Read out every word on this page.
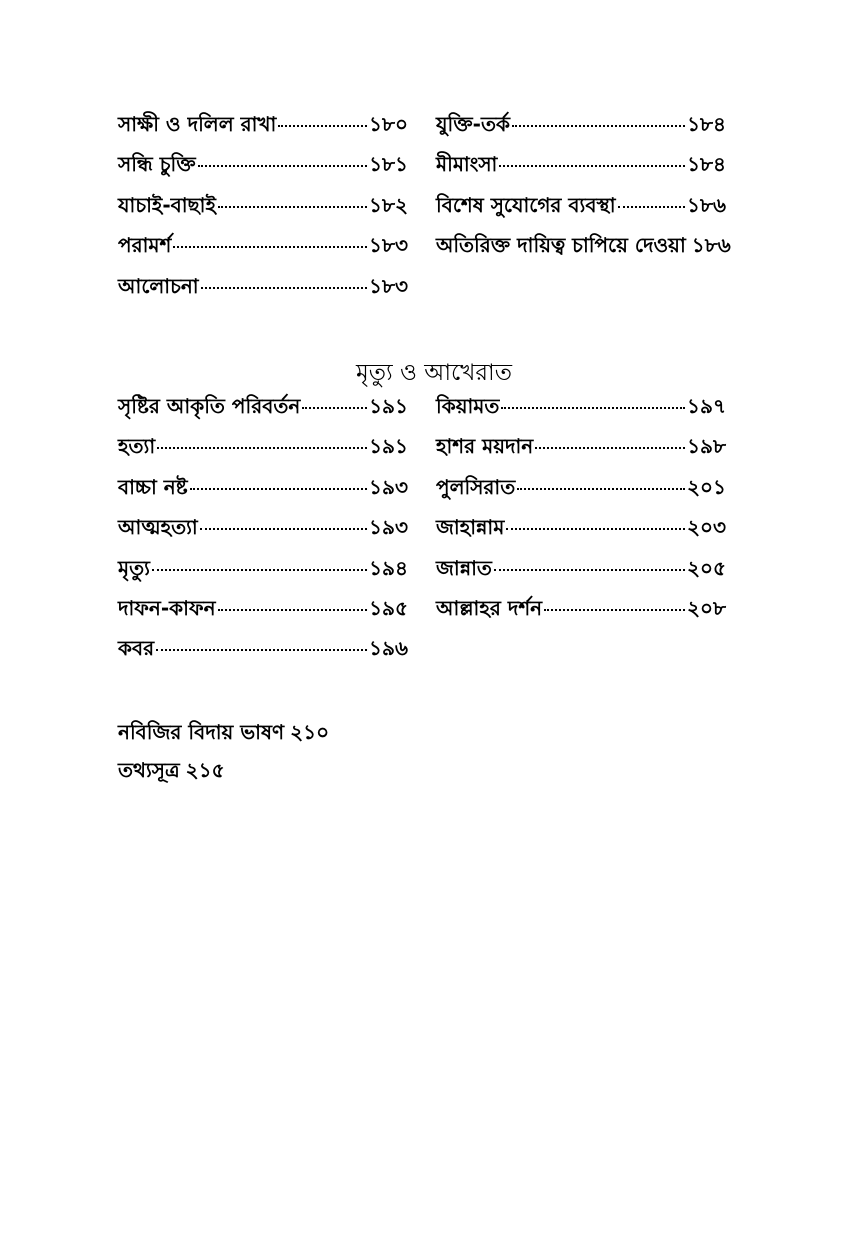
সাক্ষী ও দলিল রাখা	১৮০
সন্ধি চুক্তি	১৮১
যাচাই-বাছাই	১৮২
পরামর্শ	১৮৩
আলোচনা	১৮৩
যুক্তি-তর্ক	১৮৪
মীমাংসা	১৮৪
বিশেষ সুযোগের ব্যবস্থা	১৮৬
অতিরিক্ত দায়িত্ব চাপিয়ে দেওয়া ১৮৬
মৃত্যু ও আখেরাত
সৃষ্টির আকৃতি পরিবর্তন	১৯১
হত্যা	১৯১
বাচ্চা নষ্ট	১৯৩
আত্মহত্যা	১৯৩
মৃত্যু	১৯৪
দাফন-কাফন	১৯৫
কবর	১৯৬
কিয়ামত	১৯৭
হাশর ময়দান	১৯৮
পুলসিরাত	২০১
জাহান্নাম	২০৩
জান্নাত	২০৫
আল্লাহর দর্শন	২০৮
নবিজির বিদায় ভাষণ ২১০
তথ্যসূত্র ২১৫
